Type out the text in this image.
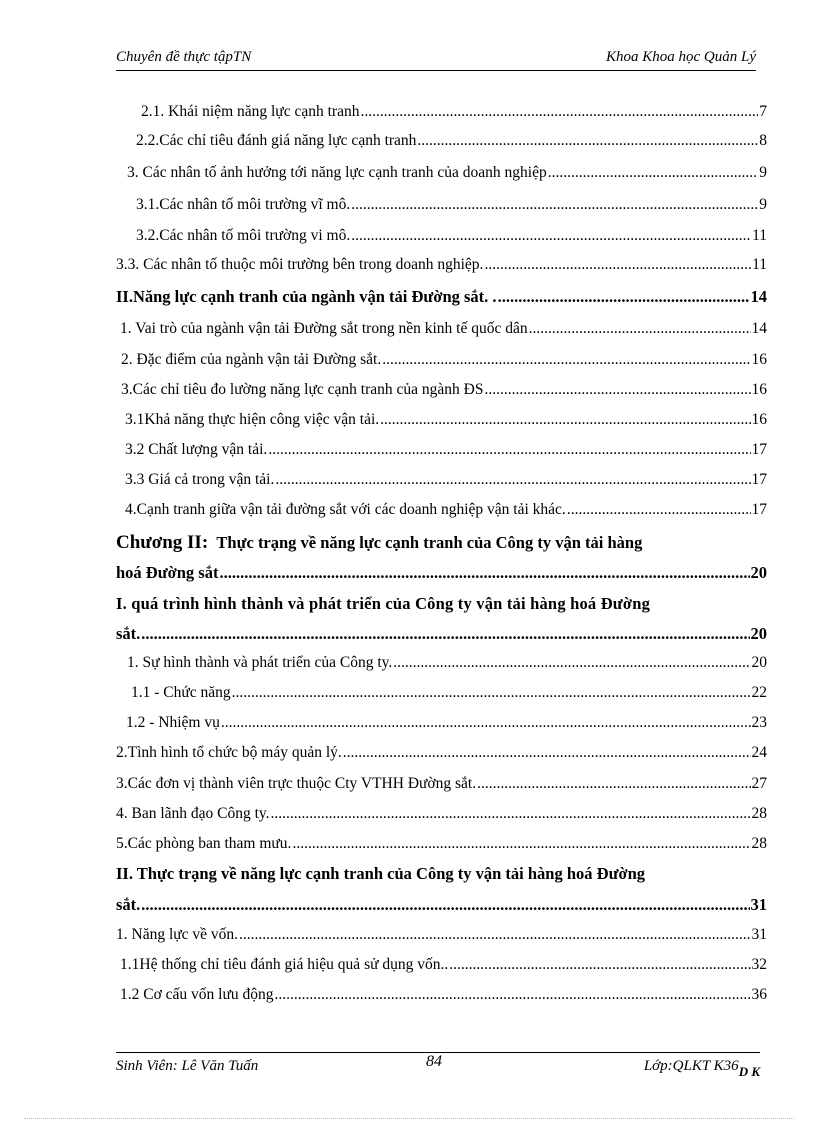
Chuyên đề thực tậpTN	Khoa Khoa học Quản Lý
2.1. Khái niệm năng lực cạnh tranh .....	7
2.2.Các chỉ tiêu đánh giá năng lực cạnh tranh .....	8
3. Các nhân tố ảnh hưởng tới năng lực cạnh tranh của doanh nghiệp .....	9
3.1.Các nhân tố môi trường vĩ mô. .....	9
3.2.Các nhân tố môi trường vi mô. .....	11
3.3. Các nhân tố thuộc môi trường bên trong doanh nghiệp. .....	11
II.Năng lực cạnh tranh của ngành vận tải Đường sắt. . .....	14
1. Vai trò của ngành vận tải Đường sắt trong nền kinh tế quốc dân .....	14
2. Đặc điểm của ngành vận tải Đường sắt. .....	16
3.Các chỉ tiêu đo lường năng lực cạnh tranh của ngành ĐS .....	16
3.1Khả năng thực hiện công việc vận tải. .....	16
3.2 Chất lượng vận tải. .....	17
3.3 Giá cả trong vận tải. .....	17
4.Cạnh tranh giữa vận tải đường sắt với các doanh nghiệp vận tải khác. .....	17
Chương II: Thực trạng về năng lực cạnh tranh của Công ty vận tải hàng
hoá Đường sắt .....	20
I. quá trình hình thành và phát triển của Công ty vận tải hàng hoá Đường
sắt. .....	20
1. Sự hình thành và phát triển của Công ty. .....	20
1.1 - Chức năng .....	22
1.2 - Nhiệm vụ .....	23
2.Tình hình tổ chức bộ máy quản lý. .....	24
3.Các đơn vị thành viên trực thuộc Cty VTHH Đường sắt. .....	27
4. Ban lãnh đạo Công ty. .....	28
5.Các phòng ban tham mưu. .....	28
II. Thực trạng về năng lực cạnh tranh của Công ty vận tải hàng hoá Đường
sắt. .....	31
1. Năng lực về vốn. .....	31
1.1Hệ thống chỉ tiêu đánh giá hiệu quả sử dụng vốn.. .....	32
1.2 Cơ cấu vốn lưu động .....	36
Sinh Viên: Lê Văn Tuấn	84	Lớp:QLKT $K36_{D K}$
